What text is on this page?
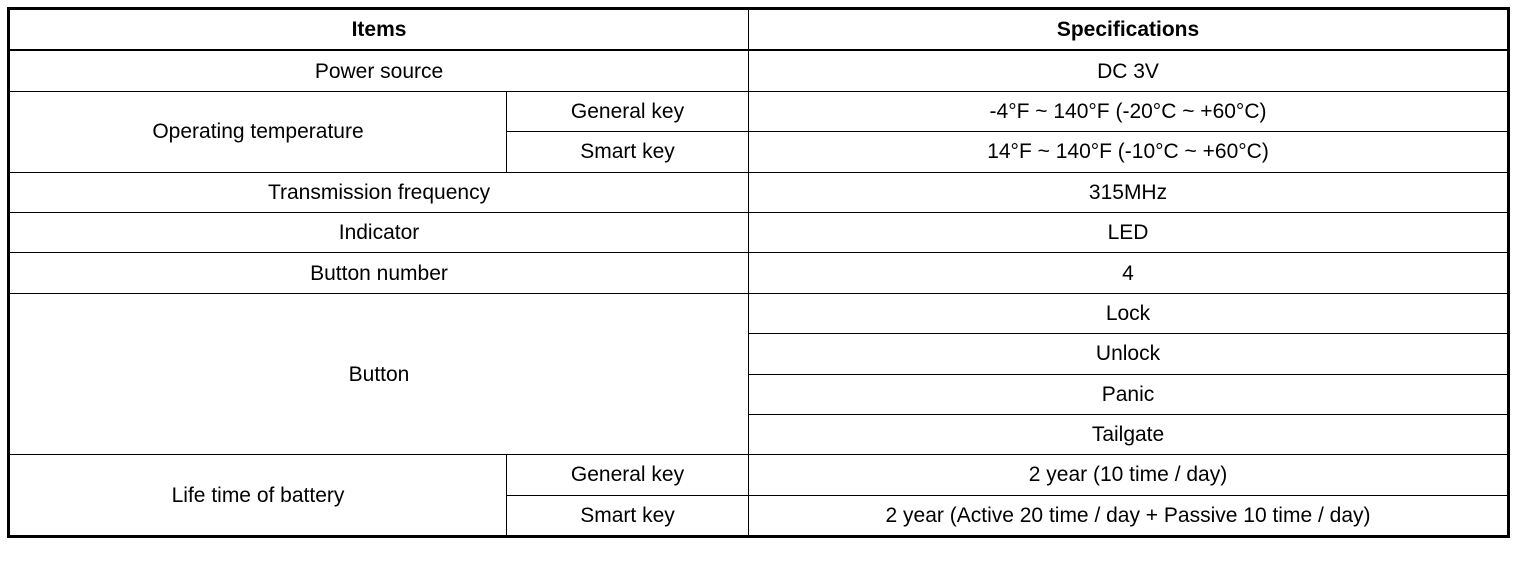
Items		Specifications
Power source		DC 3V
Operating temperature	General key	-4°F ~ 140°F (-20°C ~ +60°C)
	Smart key	14°F ~ 140°F (-10°C ~ +60°C)
Transmission frequency		315MHz
Indicator		LED
Button number		4
Button		Lock
		Unlock
		Panic
		Tailgate
Life time of battery	General key	2 year (10 time / day)
	Smart key	2 year (Active 20 time / day + Passive 10 time / day)
